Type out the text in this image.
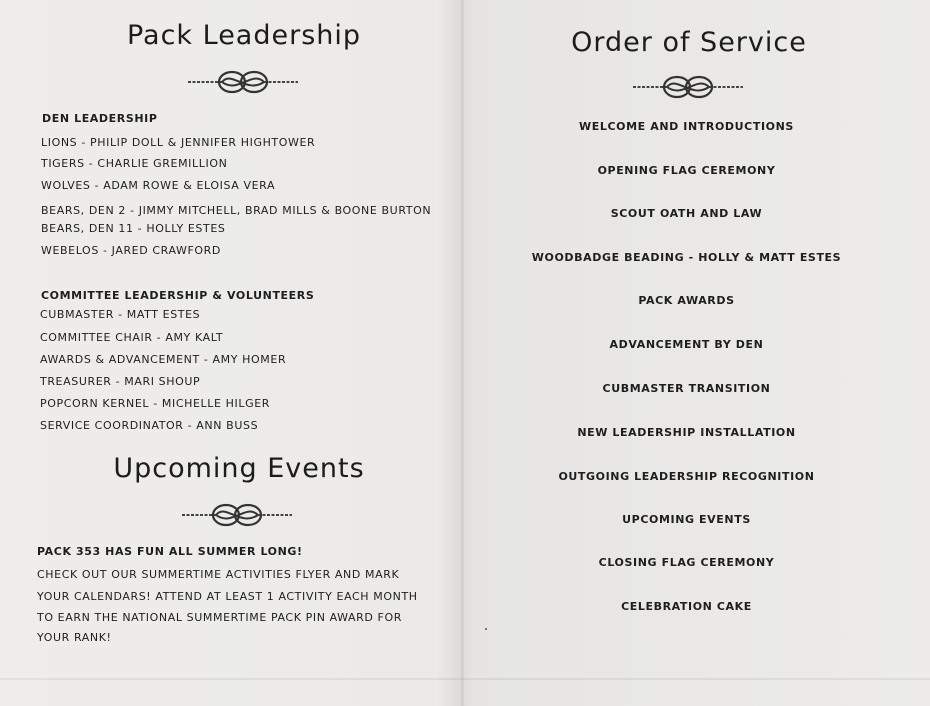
Pack Leadership
DEN LEADERSHIP
LIONS - PHILIP DOLL & JENNIFER HIGHTOWER
TIGERS - CHARLIE GREMILLION
WOLVES - ADAM ROWE & ELOISA VERA
BEARS, DEN 2 - JIMMY MITCHELL, BRAD MILLS & BOONE BURTON
BEARS, DEN 11 - HOLLY ESTES
WEBELOS - JARED CRAWFORD
COMMITTEE LEADERSHIP & VOLUNTEERS
CUBMASTER - MATT ESTES
COMMITTEE CHAIR - AMY KALT
AWARDS & ADVANCEMENT - AMY HOMER
TREASURER - MARI SHOUP
POPCORN KERNEL - MICHELLE HILGER
SERVICE COORDINATOR - ANN BUSS
Upcoming Events
PACK 353 HAS FUN ALL SUMMER LONG!
CHECK OUT OUR SUMMERTIME ACTIVITIES FLYER AND MARK
YOUR CALENDARS! ATTEND AT LEAST 1 ACTIVITY EACH MONTH
TO EARN THE NATIONAL SUMMERTIME PACK PIN AWARD FOR
YOUR RANK!
Order of Service
WELCOME AND INTRODUCTIONS
OPENING FLAG CEREMONY
SCOUT OATH AND LAW
WOODBADGE BEADING - HOLLY & MATT ESTES
PACK AWARDS
ADVANCEMENT BY DEN
CUBMASTER TRANSITION
NEW LEADERSHIP INSTALLATION
OUTGOING LEADERSHIP RECOGNITION
UPCOMING EVENTS
CLOSING FLAG CEREMONY
CELEBRATION CAKE
